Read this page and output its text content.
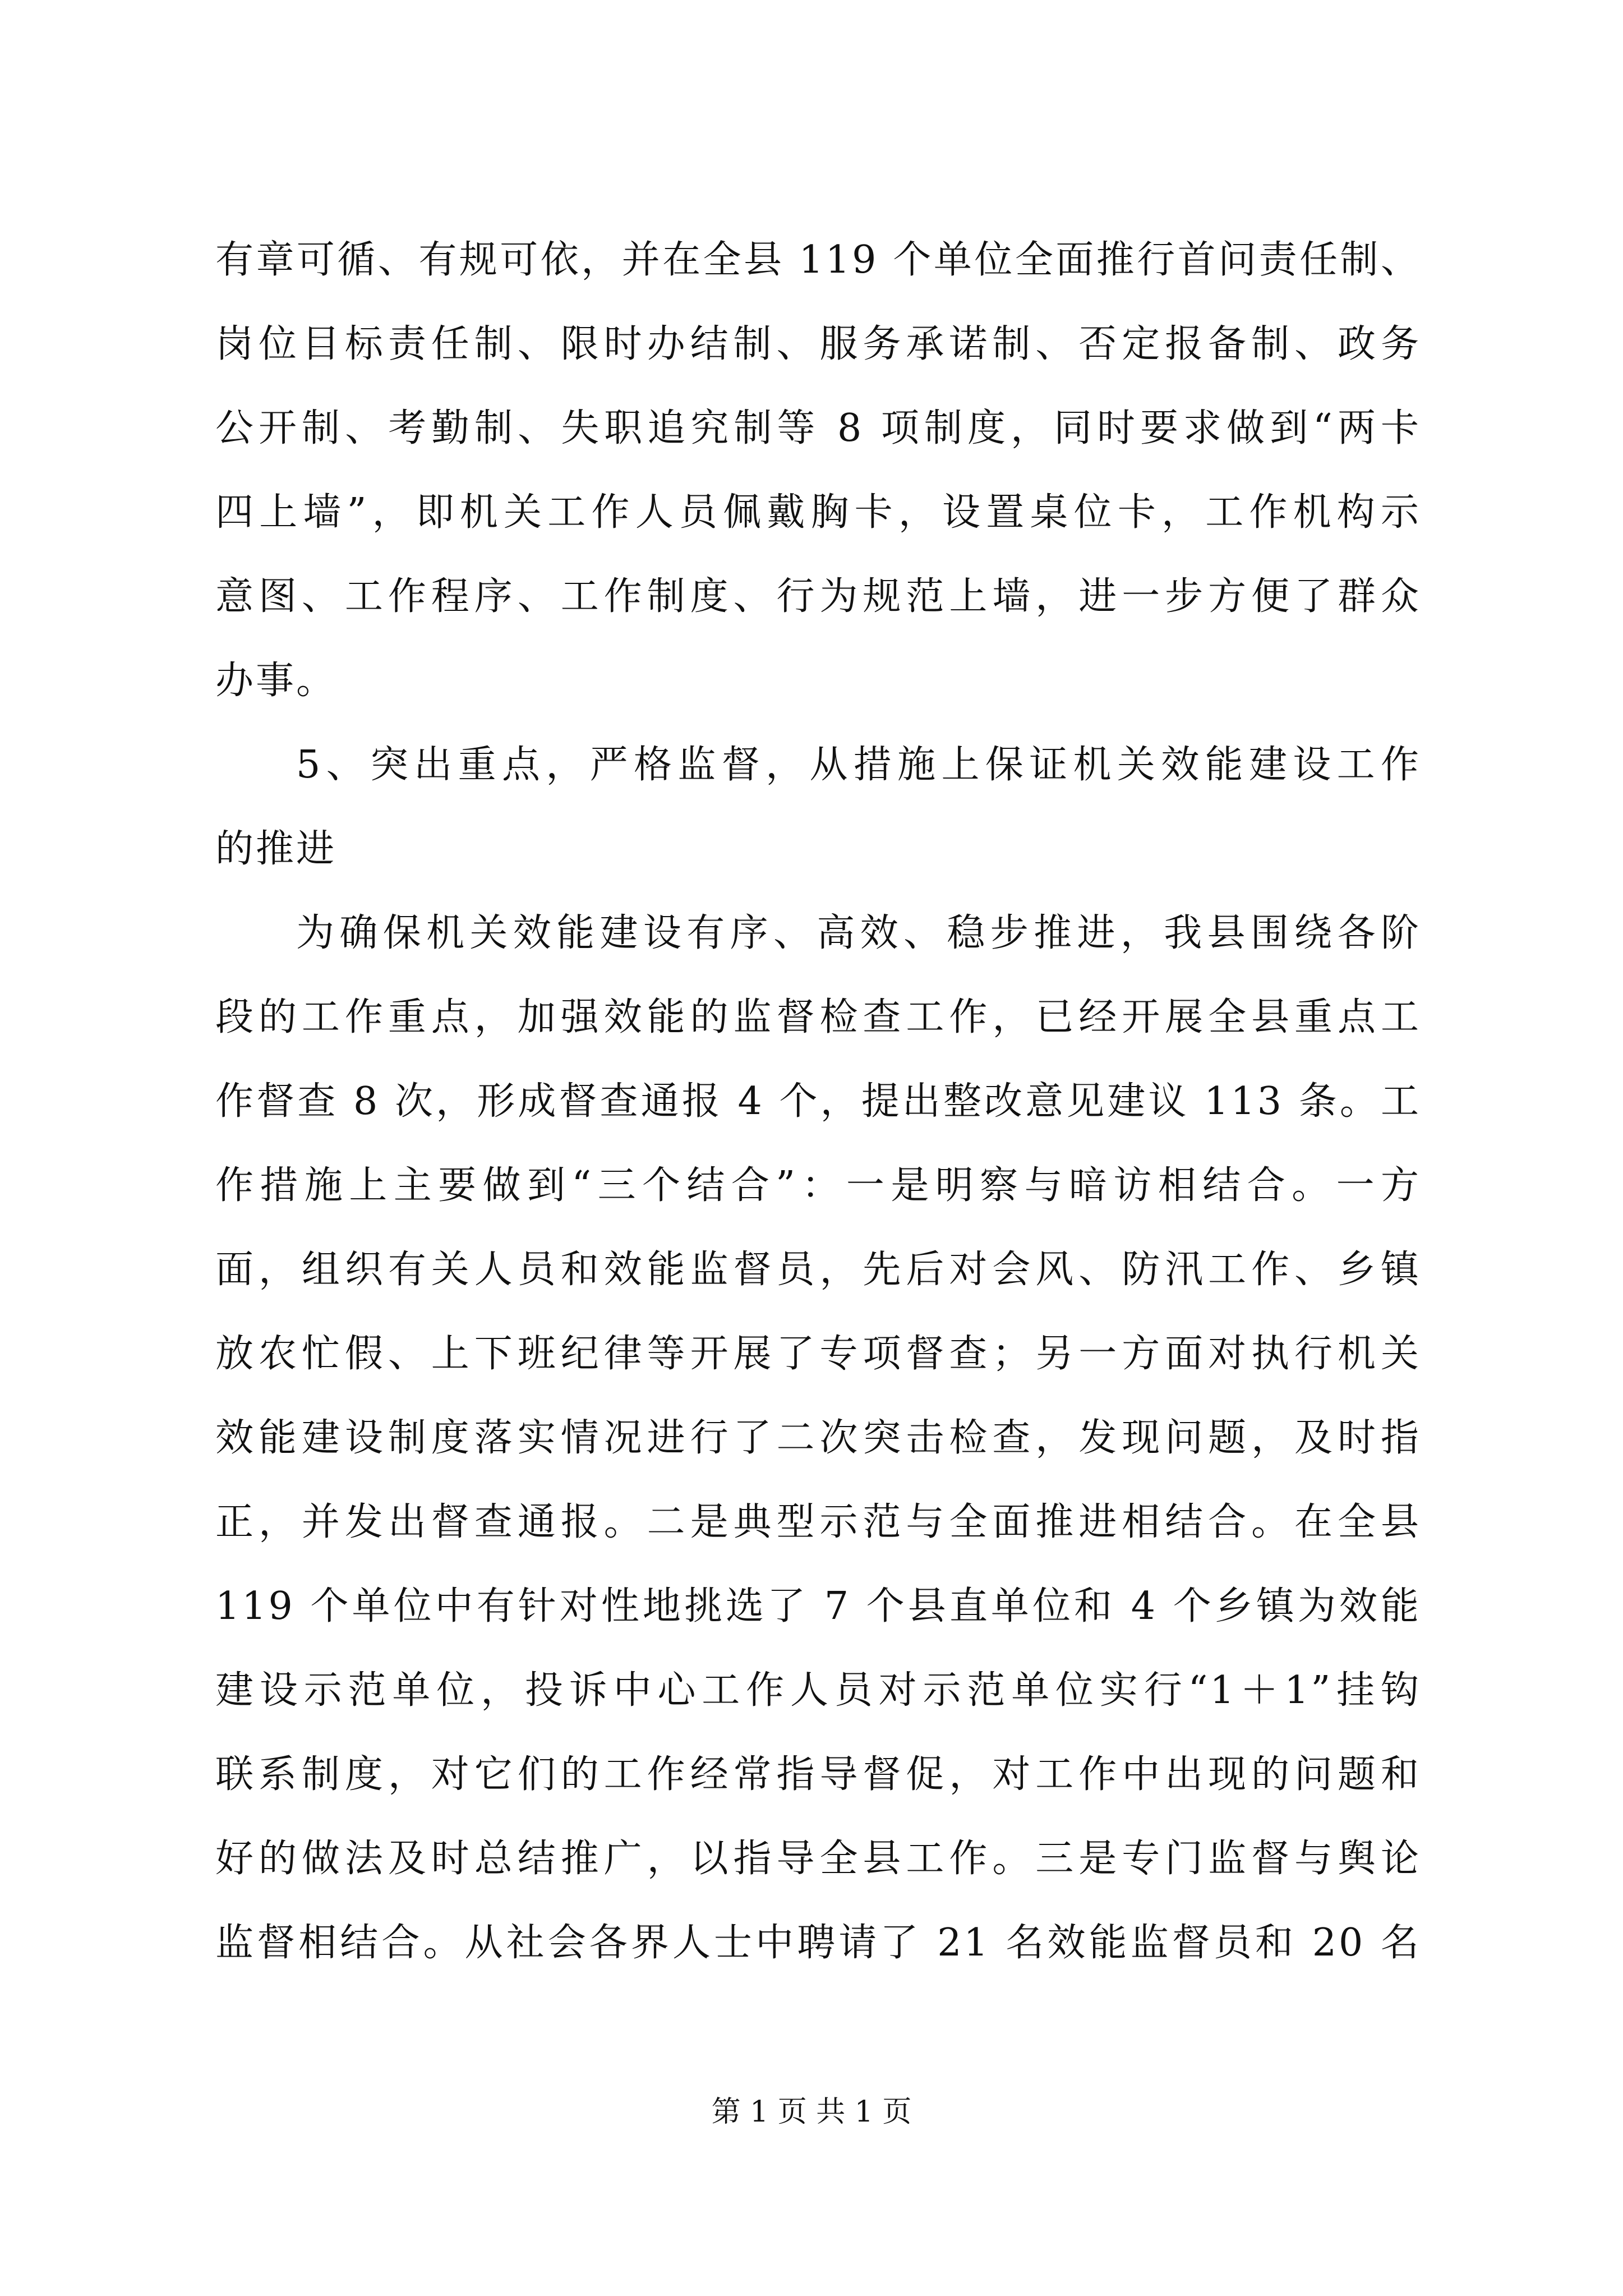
有章可循、有规可依，并在全县 119 个单位全面推行首问责任制、
岗位目标责任制、限时办结制、服务承诺制、否定报备制、政务
公开制、考勤制、失职追究制等 8 项制度，同时要求做到“两卡
四上墙”，即机关工作人员佩戴胸卡，设置桌位卡，工作机构示
意图、工作程序、工作制度、行为规范上墙，进一步方便了群众
办事。
5、突出重点，严格监督，从措施上保证机关效能建设工作
的推进
为确保机关效能建设有序、高效、稳步推进，我县围绕各阶
段的工作重点，加强效能的监督检查工作，已经开展全县重点工
作督查 8 次，形成督查通报 4 个，提出整改意见建议 113 条。工
作措施上主要做到“三个结合”：一是明察与暗访相结合。一方
面，组织有关人员和效能监督员，先后对会风、防汛工作、乡镇
放农忙假、上下班纪律等开展了专项督查；另一方面对执行机关
效能建设制度落实情况进行了二次突击检查，发现问题，及时指
正，并发出督查通报。二是典型示范与全面推进相结合。在全县
119 个单位中有针对性地挑选了 7 个县直单位和 4 个乡镇为效能
建设示范单位，投诉中心工作人员对示范单位实行“1＋1”挂钩
联系制度，对它们的工作经常指导督促，对工作中出现的问题和
好的做法及时总结推广，以指导全县工作。三是专门监督与舆论
监督相结合。从社会各界人士中聘请了 21 名效能监督员和 20 名
第 1 页 共 1 页
